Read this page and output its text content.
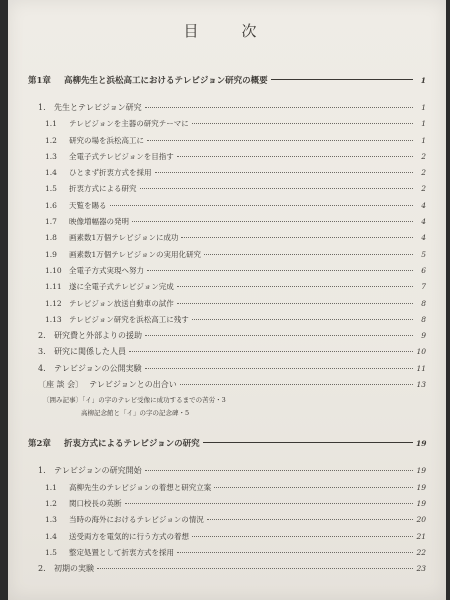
目　次
第1章	高柳先生と浜松高工におけるテレビジョン研究の概要	1
1.	先生とテレビジョン研究	1
1.1	テレビジョンを主器の研究テーマに	1
1.2	研究の場を浜松高工に	1
1.3	全電子式テレビジョンを目指す	2
1.4	ひとまず折衷方式を採用	2
1.5	折衷方式による研究	2
1.6	天覧を賜る	4
1.7	映像増幅器の発明	4
1.8	画素数1万個テレビジョンに成功	4
1.9	画素数1万個テレビジョンの実用化研究	5
1.10 全電子方式実現へ努力	6
1.11 遂に全電子式テレビジョン完成	7
1.12 テレビジョン放送自動車の試作	8
1.13 テレビジョン研究を浜松高工に残す	8
2.	研究費と外部よりの援助	9
3.	研究に関係した人員	10
4.	テレビジョンの公開実験	11
〔座 談 会〕 テレビジョンとの出合い	13
〔囲み記事〕「イ」の字のテレビ受像に成功するまでの苦労・3
高柳記念館と「イ」の字の記念碑・5
第2章	折衷方式によるテレビジョンの研究	19
1.	テレビジョンの研究開始	19
1.1	高柳先生のテレビジョンの着想と研究立案	19
1.2	関口校長の英断	19
1.3	当時の海外におけるテレビジョンの情況	20
1.4	送受両方を電気的に行う方式の着想	21
1.5	整定処置として折衷方式を採用	22
2.	初期の実験	23
